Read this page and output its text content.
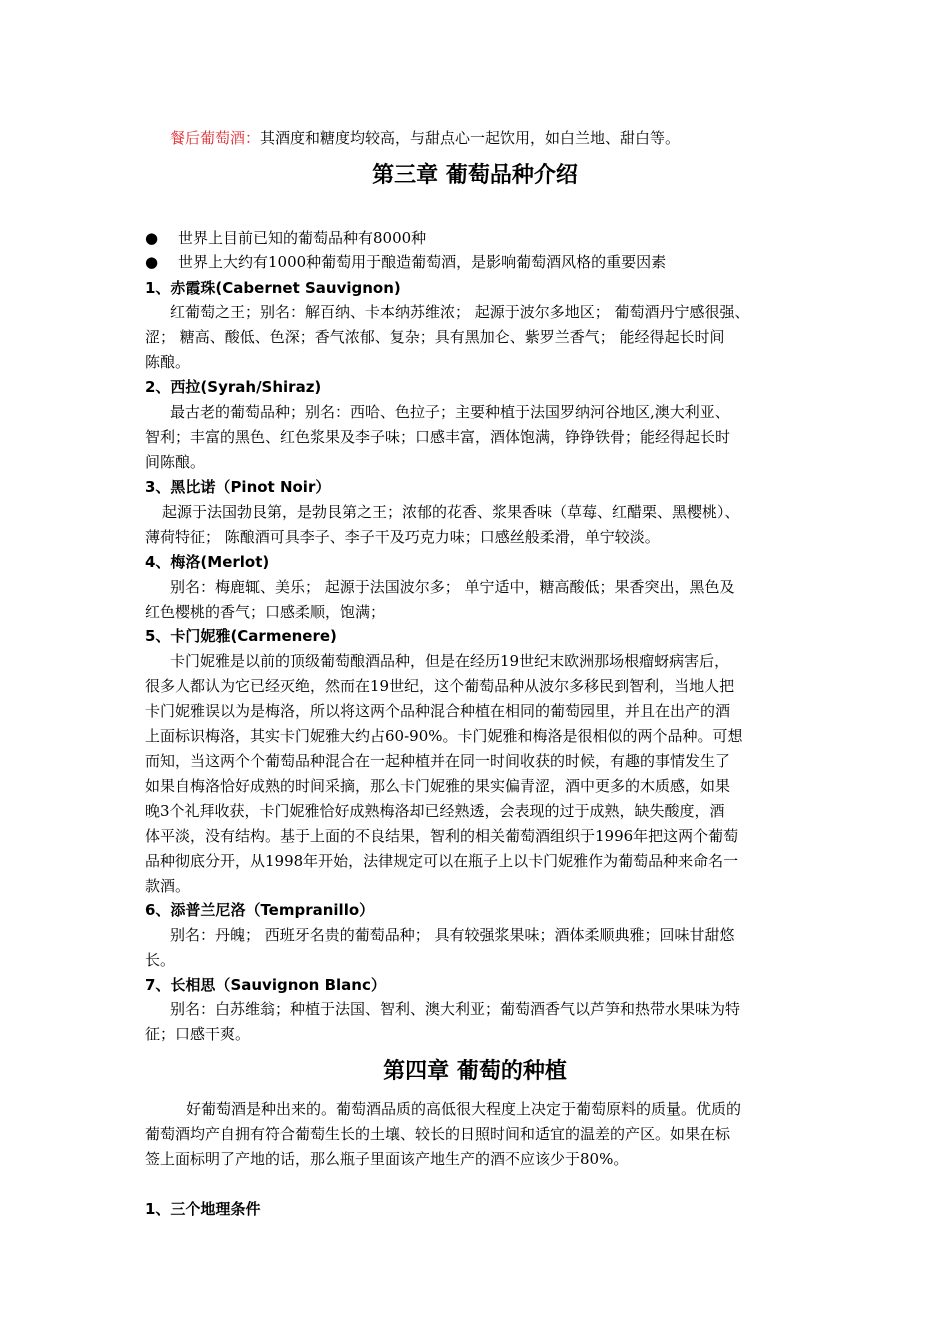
餐后葡萄酒：其酒度和糖度均较高，与甜点心一起饮用，如白兰地、甜白等。
第三章 葡萄品种介绍
● 世界上目前已知的葡萄品种有8000种
● 世界上大约有1000种葡萄用于酿造葡萄酒，是影响葡萄酒风格的重要因素
1、赤霞珠(Cabernet Sauvignon)
红葡萄之王；别名：解百纳、卡本纳苏维浓； 起源于波尔多地区； 葡萄酒丹宁感很强、
涩； 糖高、酸低、色深；香气浓郁、复杂；具有黑加仑、紫罗兰香气； 能经得起长时间
陈酿。
2、西拉(Syrah/Shiraz)
最古老的葡萄品种；别名：西哈、色拉子；主要种植于法国罗纳河谷地区,澳大利亚、
智利；丰富的黑色、红色浆果及李子味；口感丰富，酒体饱满，铮铮铁骨；能经得起长时
间陈酿。
3、黑比诺（Pinot Noir）
起源于法国勃艮第，是勃艮第之王；浓郁的花香、浆果香味（草莓、红醋栗、黑樱桃）、
薄荷特征； 陈酿酒可具李子、李子干及巧克力味；口感丝般柔滑，单宁较淡。
4、梅洛(Merlot)
别名：梅鹿辄、美乐； 起源于法国波尔多； 单宁适中，糖高酸低；果香突出，黑色及
红色樱桃的香气；口感柔顺，饱满；
5、卡门妮雅(Carmenere)
卡门妮雅是以前的顶级葡萄酿酒品种，但是在经历19世纪末欧洲那场根瘤蚜病害后，
很多人都认为它已经灭绝，然而在19世纪，这个葡萄品种从波尔多移民到智利，当地人把
卡门妮雅误以为是梅洛，所以将这两个品种混合种植在相同的葡萄园里，并且在出产的酒
上面标识梅洛，其实卡门妮雅大约占60-90%。卡门妮雅和梅洛是很相似的两个品种。可想
而知，当这两个个葡萄品种混合在一起种植并在同一时间收获的时候，有趣的事情发生了
如果自梅洛恰好成熟的时间采摘，那么卡门妮雅的果实偏青涩，酒中更多的木质感，如果
晚3个礼拜收获，卡门妮雅恰好成熟梅洛却已经熟透，会表现的过于成熟，缺失酸度，酒
体平淡，没有结构。基于上面的不良结果，智利的相关葡萄酒组织于1996年把这两个葡萄
品种彻底分开，从1998年开始，法律规定可以在瓶子上以卡门妮雅作为葡萄品种来命名一
款酒。
6、添普兰尼洛（Tempranillo）
别名：丹魄； 西班牙名贵的葡萄品种； 具有较强浆果味；酒体柔顺典雅；回味甘甜悠
长。
7、长相思（Sauvignon Blanc）
别名：白苏维翁；种植于法国、智利、澳大利亚；葡萄酒香气以芦笋和热带水果味为特
征；口感干爽。
第四章 葡萄的种植
好葡萄酒是种出来的。葡萄酒品质的高低很大程度上决定于葡萄原料的质量。优质的
葡萄酒均产自拥有符合葡萄生长的土壤、较长的日照时间和适宜的温差的产区。如果在标
签上面标明了产地的话，那么瓶子里面该产地生产的酒不应该少于80%。
1、三个地理条件
